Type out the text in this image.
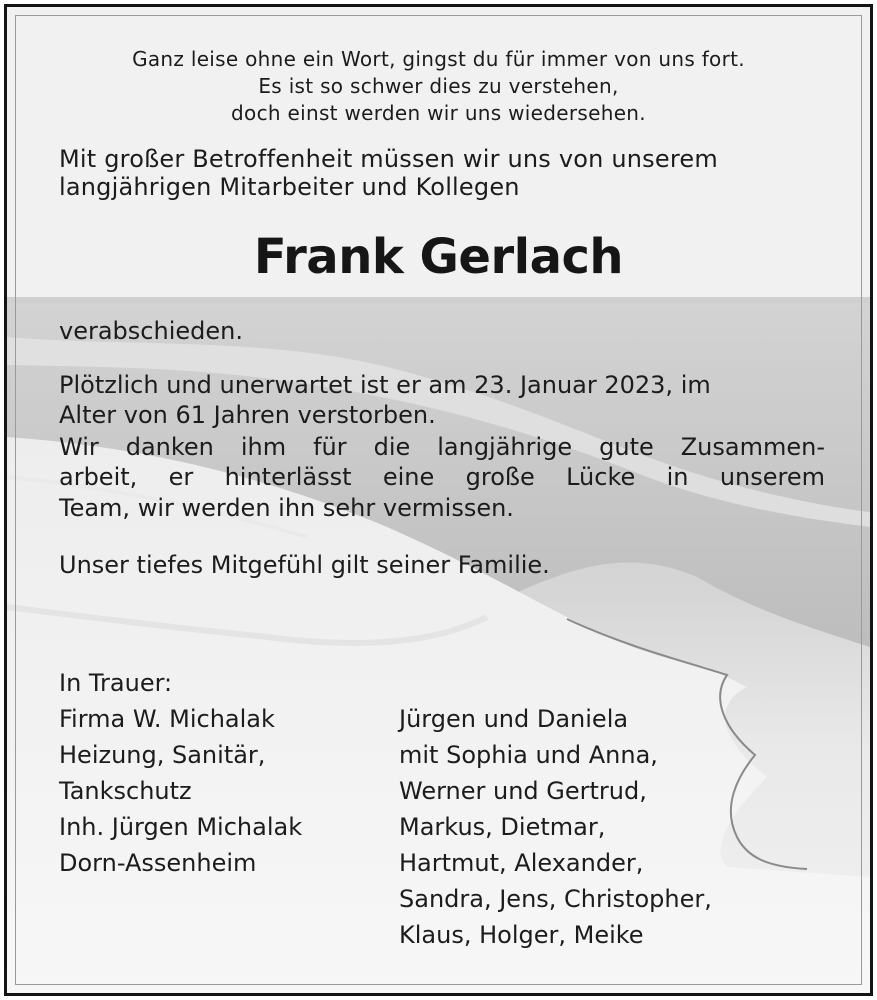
Ganz leise ohne ein Wort, gingst du für immer von uns fort.
Es ist so schwer dies zu verstehen,
doch einst werden wir uns wiedersehen.
Mit großer Betroffenheit müssen wir uns von unserem
langjährigen Mitarbeiter und Kollegen
Frank Gerlach
verabschieden.
Plötzlich und unerwartet ist er am 23. Januar 2023, im
Alter von 61 Jahren verstorben.
Wir danken ihm für die langjährige gute Zusammen-
arbeit, er hinterlässt eine große Lücke in unserem
Team, wir werden ihn sehr vermissen.
Unser tiefes Mitgefühl gilt seiner Familie.
In Trauer:
Firma W. Michalak
Heizung, Sanitär,
Tankschutz
Inh. Jürgen Michalak
Dorn-Assenheim
Jürgen und Daniela
mit Sophia und Anna,
Werner und Gertrud,
Markus, Dietmar,
Hartmut, Alexander,
Sandra, Jens, Christopher,
Klaus, Holger, Meike
